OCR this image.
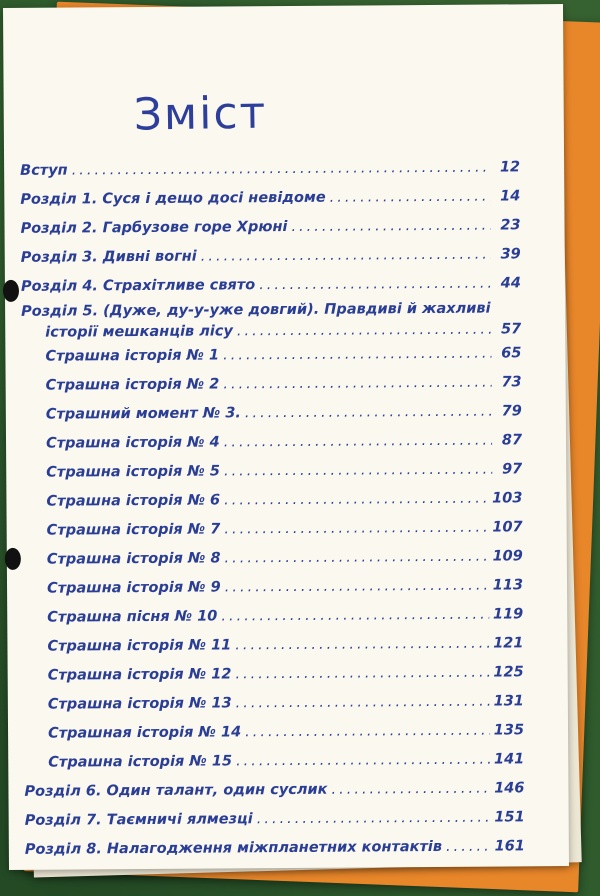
Зміст
Вступ .....	12
Розділ 1. Суся і дещо досі невідоме .....	14
Розділ 2. Гарбузове горе Хрюні .....	23
Розділ 3. Дивні вогні .....	39
Розділ 4. Страхітливе свято .....	44
Розділ 5. (Дуже, ду-у-уже довгий). Правдиві й жахливі
історії мешканців лісу .....	57
Страшна історія № 1 .....	65
Страшна історія № 2 .....	73
Страшний момент № 3. .....	79
Страшна історія № 4 .....	87
Страшна історія № 5 .....	97
Страшна історія № 6 .....	103
Страшна історія № 7 .....	107
Страшна історія № 8 .....	109
Страшна історія № 9 .....	113
Страшна пісня № 10 .....	119
Страшна історія № 11 .....	121
Страшна історія № 12 .....	125
Страшна історія № 13 .....	131
Страшная історія № 14 .....	135
Страшна історія № 15 .....	141
Розділ 6. Один талант, один суслик .....	146
Розділ 7. Таємничі ялмезці .....	151
Розділ 8. Налагодження міжпланетних контактів .....	161
